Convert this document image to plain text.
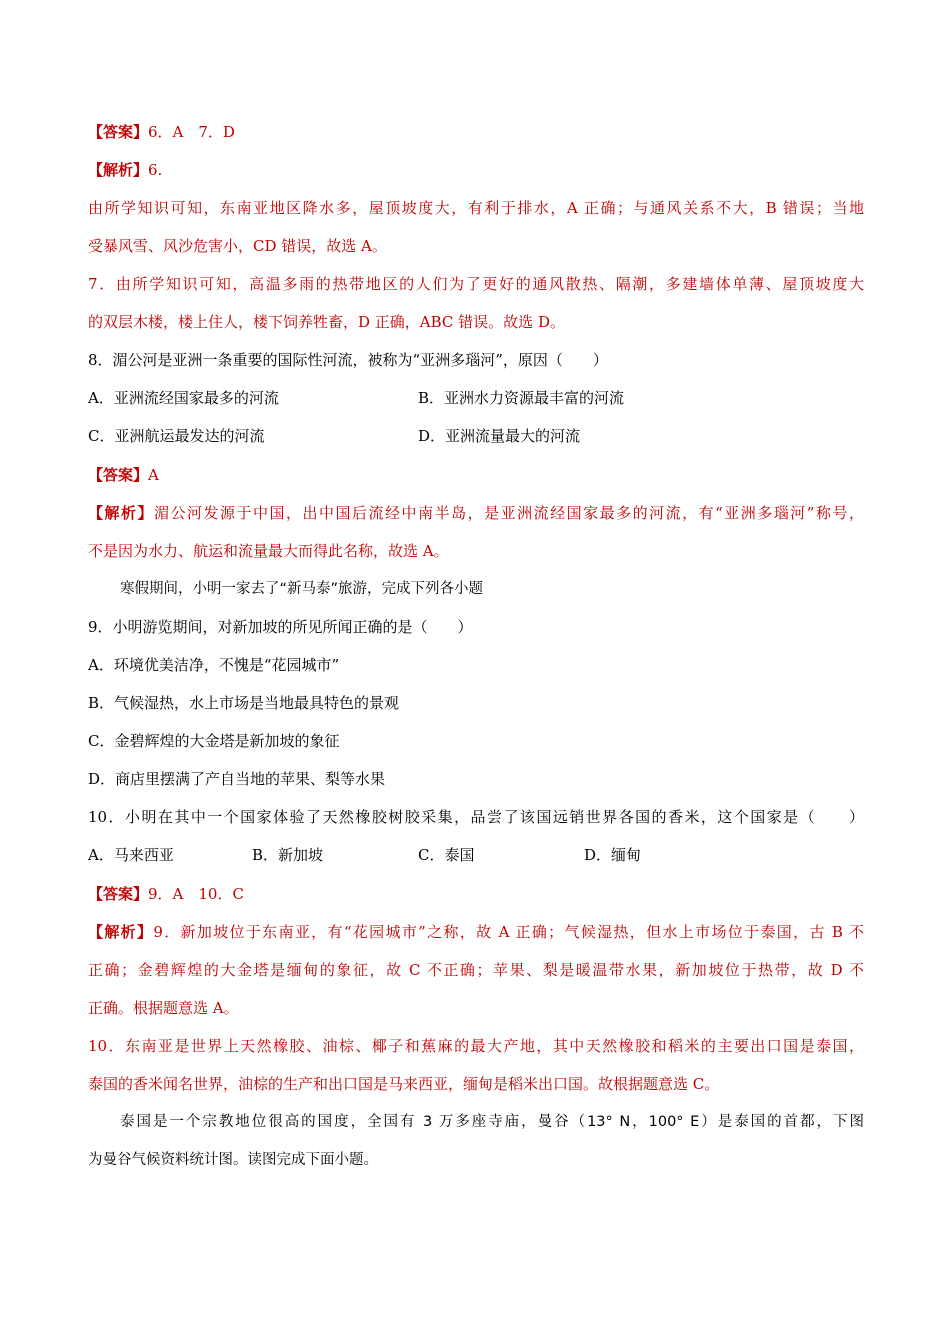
【答案】6．A　7．D
【解析】6.
由所学知识可知，东南亚地区降水多，屋顶坡度大，有利于排水，A 正确；与通风关系不大，B 错误；当地
受暴风雪、风沙危害小，CD 错误，故选 A。
7．由所学知识可知，高温多雨的热带地区的人们为了更好的通风散热、隔潮，多建墙体单薄、屋顶坡度大
的双层木楼，楼上住人，楼下饲养牲畜，D 正确，ABC 错误。故选 D。
8．湄公河是亚洲一条重要的国际性河流，被称为“亚洲多瑙河”，原因（　　）
A．亚洲流经国家最多的河流	B．亚洲水力资源最丰富的河流
C．亚洲航运最发达的河流	D．亚洲流量最大的河流
【答案】A
【解析】湄公河发源于中国，出中国后流经中南半岛，是亚洲流经国家最多的河流，有“亚洲多瑙河”称号，
不是因为水力、航运和流量最大而得此名称，故选 A。
寒假期间，小明一家去了“新马泰”旅游，完成下列各小题
9．小明游览期间，对新加坡的所见所闻正确的是（　　）
A．环境优美洁净，不愧是“花园城市”
B．气候湿热，水上市场是当地最具特色的景观
C．金碧辉煌的大金塔是新加坡的象征
D．商店里摆满了产自当地的苹果、梨等水果
10．小明在其中一个国家体验了天然橡胶树胶采集，品尝了该国远销世界各国的香米，这个国家是（　　）
A．马来西亚	B．新加坡	C．泰国	D．缅甸
【答案】9．A　10．C
【解析】9．新加坡位于东南亚，有“花园城市”之称，故 A 正确；气候湿热，但水上市场位于泰国，古 B 不
正确；金碧辉煌的大金塔是缅甸的象征，故 C 不正确；苹果、梨是暖温带水果，新加坡位于热带，故 D 不
正确。根据题意选 A。
10．东南亚是世界上天然橡胶、油棕、椰子和蕉麻的最大产地，其中天然橡胶和稻米的主要出口国是泰国，
泰国的香米闻名世界，油棕的生产和出口国是马来西亚，缅甸是稻米出口国。故根据题意选 C。
泰国是一个宗教地位很高的国度，全国有 3 万多座寺庙，曼谷（13° N，100° E）是泰国的首都，下图
为曼谷气候资料统计图。读图完成下面小题。
